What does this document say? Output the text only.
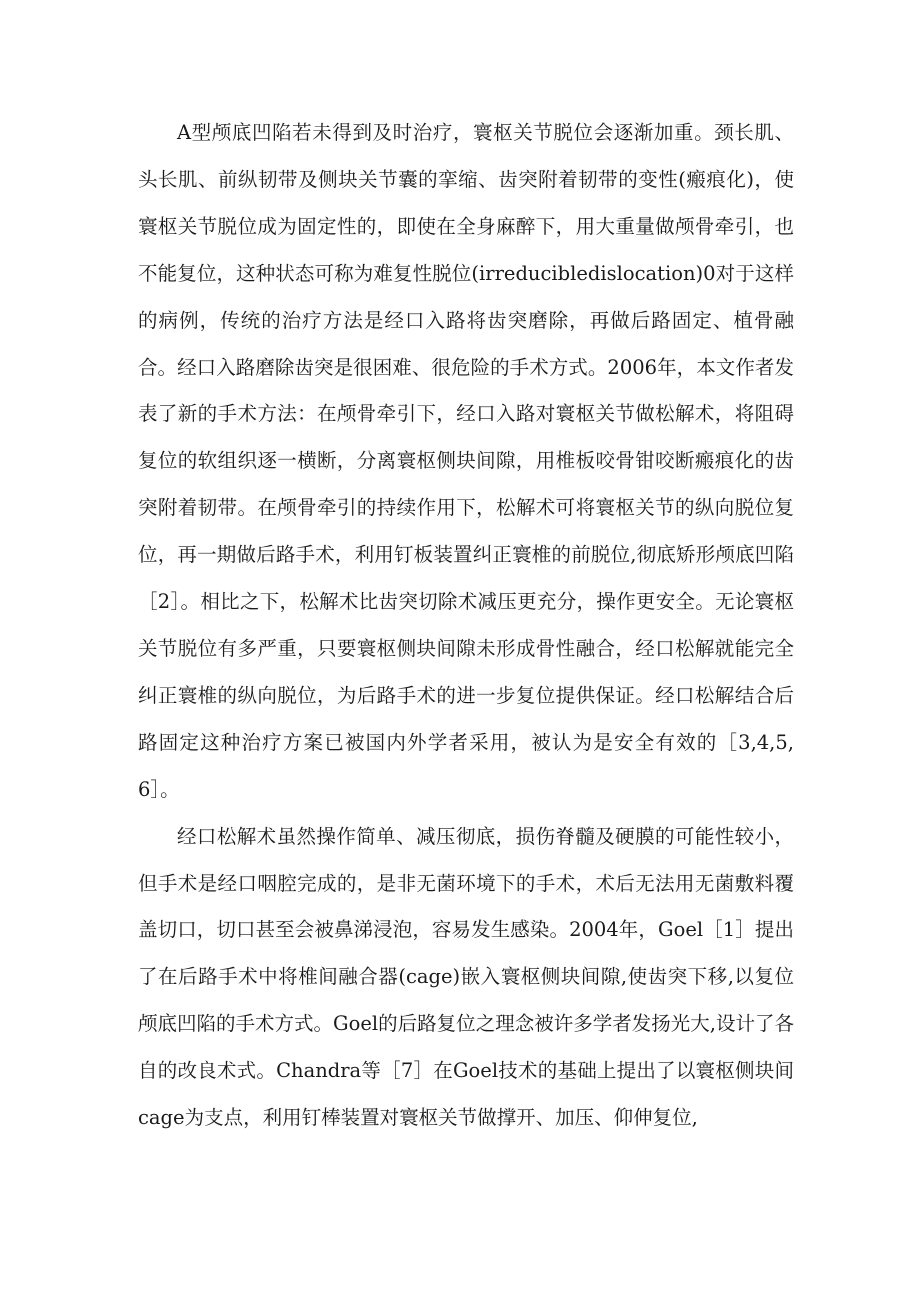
A型颅底凹陷若未得到及时治疗，寰枢关节脱位会逐渐加重。颈长肌、头长肌、前纵韧带及侧块关节囊的挛缩、齿突附着韧带的变性(瘢痕化)，使寰枢关节脱位成为固定性的，即使在全身麻醉下，用大重量做颅骨牵引，也不能复位，这种状态可称为难复性脱位(irreducibledislocation)0对于这样的病例，传统的治疗方法是经口入路将齿突磨除，再做后路固定、植骨融合。经口入路磨除齿突是很困难、很危险的手术方式。2006年，本文作者发表了新的手术方法：在颅骨牵引下，经口入路对寰枢关节做松解术，将阻碍复位的软组织逐一横断，分离寰枢侧块间隙，用椎板咬骨钳咬断瘢痕化的齿突附着韧带。在颅骨牵引的持续作用下，松解术可将寰枢关节的纵向脱位复位，再一期做后路手术，利用钉板装置纠正寰椎的前脱位,彻底矫形颅底凹陷［2］。相比之下，松解术比齿突切除术减压更充分，操作更安全。无论寰枢关节脱位有多严重，只要寰枢侧块间隙未形成骨性融合，经口松解就能完全纠正寰椎的纵向脱位，为后路手术的进一步复位提供保证。经口松解结合后路固定这种治疗方案已被国内外学者采用，被认为是安全有效的［3,4,5,6］。

经口松解术虽然操作简单、减压彻底，损伤脊髓及硬膜的可能性较小，但手术是经口咽腔完成的，是非无菌环境下的手术，术后无法用无菌敷料覆盖切口，切口甚至会被鼻涕浸泡，容易发生感染。2004年，Goel［1］提出了在后路手术中将椎间融合器(cage)嵌入寰枢侧块间隙,使齿突下移,以复位颅底凹陷的手术方式。Goel的后路复位之理念被许多学者发扬光大,设计了各自的改良术式。Chandra等［7］在Goel技术的基础上提出了以寰枢侧块间cage为支点，利用钉棒装置对寰枢关节做撑开、加压、仰伸复位,
